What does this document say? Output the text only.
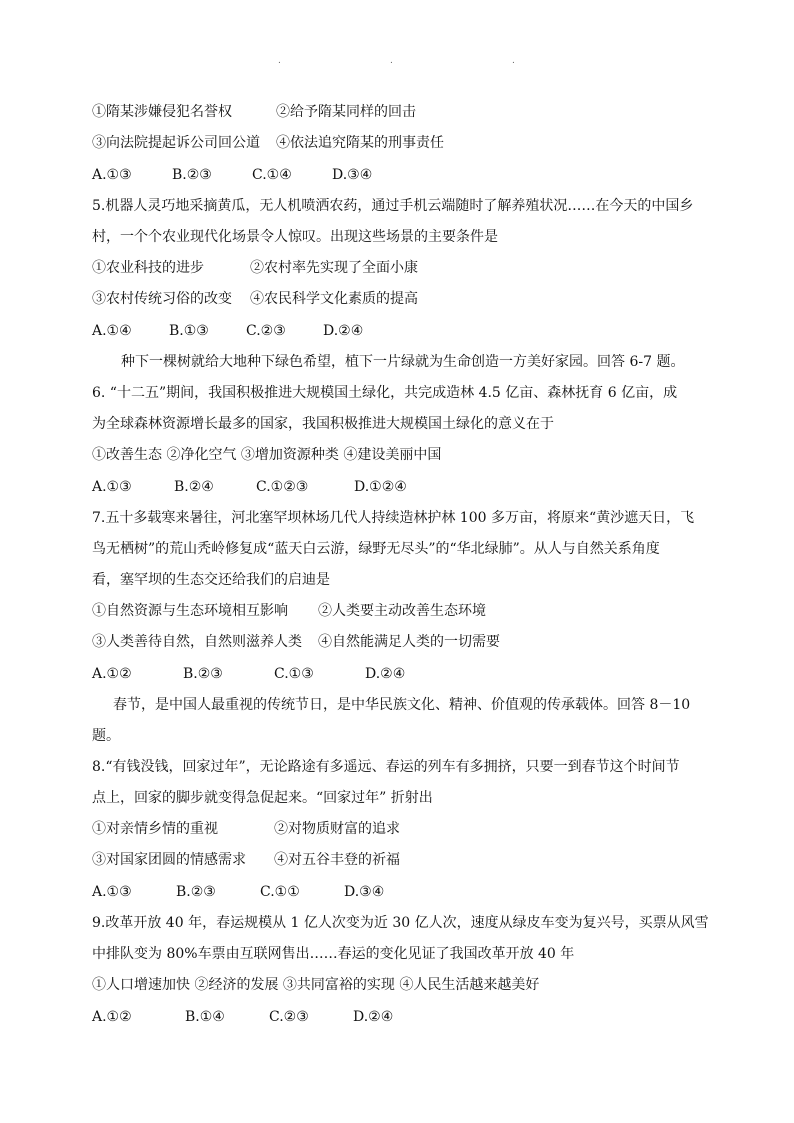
.	.	.
①隋某涉嫌侵犯名誉权	②给予隋某同样的回击
③向法院提起诉公司回公道 ④依法追究隋某的刑事责任
A.①③	B.②③	C.①④	D.③④
5.机器人灵巧地采摘黄瓜，无人机喷洒农药，通过手机云端随时了解养殖状况……在今天的中国乡
村，一个个农业现代化场景令人惊叹。出现这些场景的主要条件是
①农业科技的进步	②农村率先实现了全面小康
③农村传统习俗的改变 ④农民科学文化素质的提高
A.①④	B.①③	C.②③	D.②④
种下一棵树就给大地种下绿色希望，植下一片绿就为生命创造一方美好家园。回答 6-7 题。
6. “十二五”期间，我国积极推进大规模国土绿化，共完成造林 4.5 亿亩、森林抚育 6 亿亩，成
为全球森林资源增长最多的国家，我国积极推进大规模国土绿化的意义在于
①改善生态 ②净化空气 ③增加资源种类 ④建设美丽中国
A.①③	B.②④	C.①②③	D.①②④
7.五十多载寒来暑往，河北塞罕坝林场几代人持续造林护林 100 多万亩，将原来“黄沙遮天日，飞
鸟无栖树”的荒山秃岭修复成“蓝天白云游，绿野无尽头”的“华北绿肺”。从人与自然关系角度
看，塞罕坝的生态交还给我们的启迪是
①自然资源与生态环境相互影响 ②人类要主动改善生态环境
③人类善待自然，自然则滋养人类 ④自然能满足人类的一切需要
A.①②	B.②③	C.①③	D.②④
春节，是中国人最重视的传统节日，是中华民族文化、精神、价值观的传承载体。回答 8－10
题。
8.“有钱没钱，回家过年”，无论路途有多遥远、春运的列车有多拥挤，只要一到春节这个时间节
点上，回家的脚步就变得急促起来。“回家过年” 折射出
①对亲情乡情的重视	②对物质财富的追求
③对国家团圆的情感需求 ④对五谷丰登的祈福
A.①③	B.②③	C.①①	D.③④
9.改革开放 40 年，春运规模从 1 亿人次变为近 30 亿人次，速度从绿皮车变为复兴号，买票从风雪
中排队变为 80%车票由互联网售出……春运的变化见证了我国改革开放 40 年
①人口增速加快 ②经济的发展 ③共同富裕的实现 ④人民生活越来越美好
A.①②	B.①④	C.②③	D.②④
